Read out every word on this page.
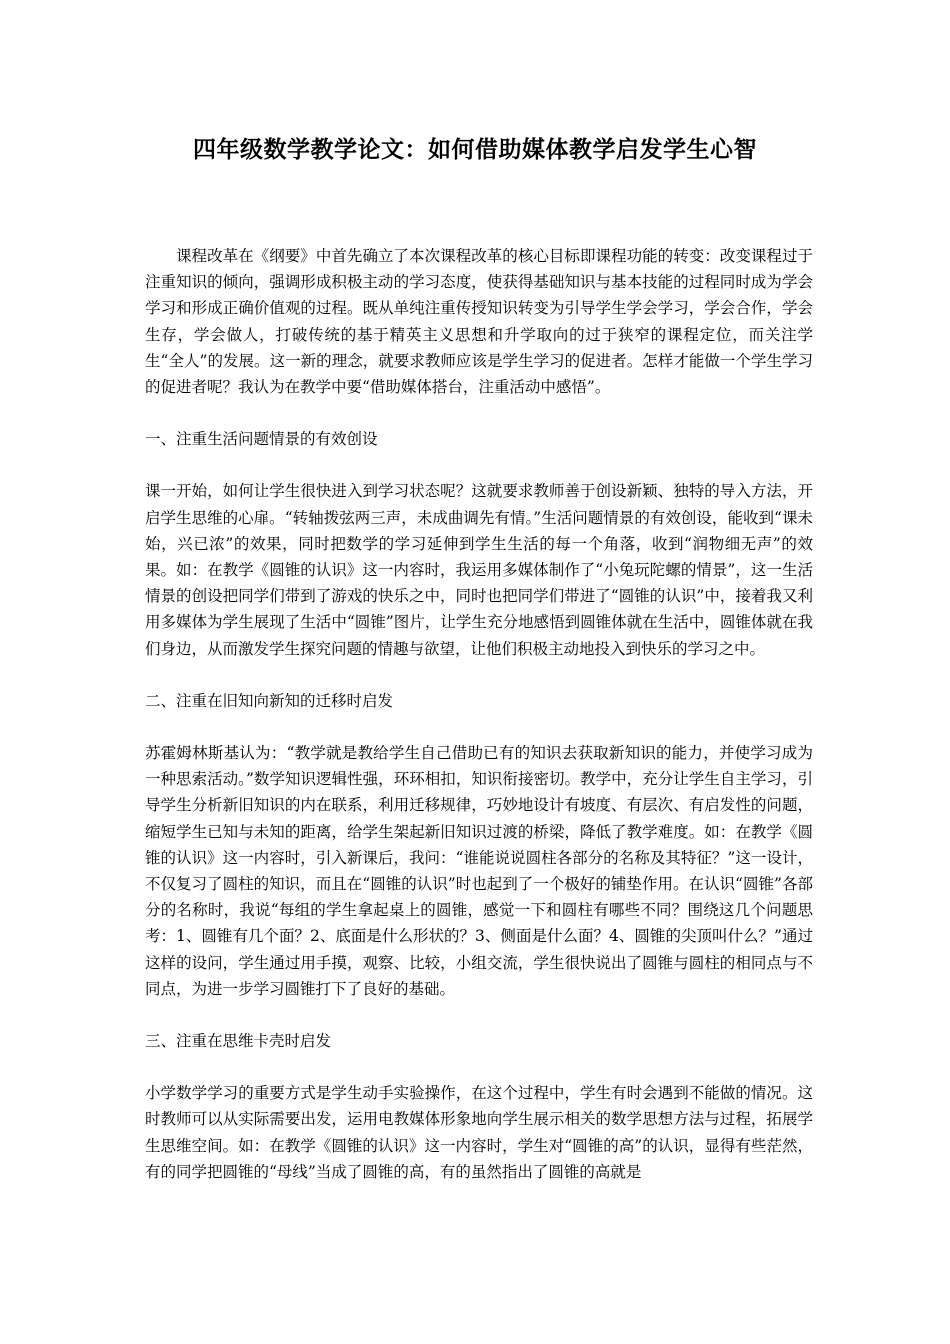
四年级数学教学论文：如何借助媒体教学启发学生心智

课程改革在《纲要》中首先确立了本次课程改革的核心目标即课程功能的转变：改变课程过于注重知识的倾向，强调形成积极主动的学习态度，使获得基础知识与基本技能的过程同时成为学会学习和形成正确价值观的过程。既从单纯注重传授知识转变为引导学生学会学习，学会合作，学会生存，学会做人，打破传统的基于精英主义思想和升学取向的过于狭窄的课程定位，而关注学生“全人”的发展。这一新的理念，就要求教师应该是学生学习的促进者。怎样才能做一个学生学习的促进者呢？我认为在教学中要“借助媒体搭台，注重活动中感悟”。

一、注重生活问题情景的有效创设

课一开始，如何让学生很快进入到学习状态呢？这就要求教师善于创设新颖、独特的导入方法，开启学生思维的心扉。“转轴拨弦两三声，未成曲调先有情。”生活问题情景的有效创设，能收到“课未始，兴已浓”的效果，同时把数学的学习延伸到学生生活的每一个角落，收到“润物细无声”的效果。如：在教学《圆锥的认识》这一内容时，我运用多媒体制作了“小兔玩陀螺的情景”，这一生活情景的创设把同学们带到了游戏的快乐之中，同时也把同学们带进了“圆锥的认识”中，接着我又利用多媒体为学生展现了生活中“圆锥”图片，让学生充分地感悟到圆锥体就在生活中，圆锥体就在我们身边，从而激发学生探究问题的情趣与欲望，让他们积极主动地投入到快乐的学习之中。

二、注重在旧知向新知的迁移时启发

苏霍姆林斯基认为：“教学就是教给学生自己借助已有的知识去获取新知识的能力，并使学习成为一种思索活动。”数学知识逻辑性强，环环相扣，知识衔接密切。教学中，充分让学生自主学习，引导学生分析新旧知识的内在联系，利用迁移规律，巧妙地设计有坡度、有层次、有启发性的问题，缩短学生已知与未知的距离，给学生架起新旧知识过渡的桥梁，降低了教学难度。如：在教学《圆锥的认识》这一内容时，引入新课后，我问：“谁能说说圆柱各部分的名称及其特征？”这一设计，不仅复习了圆柱的知识，而且在“圆锥的认识”时也起到了一个极好的铺垫作用。在认识“圆锥”各部分的名称时，我说“每组的学生拿起桌上的圆锥，感觉一下和圆柱有哪些不同？围绕这几个问题思考：1、圆锥有几个面？2、底面是什么形状的？3、侧面是什么面？4、圆锥的尖顶叫什么？”通过这样的设问，学生通过用手摸，观察、比较，小组交流，学生很快说出了圆锥与圆柱的相同点与不同点，为进一步学习圆锥打下了良好的基础。

三、注重在思维卡壳时启发

小学数学学习的重要方式是学生动手实验操作，在这个过程中，学生有时会遇到不能做的情况。这时教师可以从实际需要出发，运用电教媒体形象地向学生展示相关的数学思想方法与过程，拓展学生思维空间。如：在教学《圆锥的认识》这一内容时，学生对“圆锥的高”的认识，显得有些茫然，有的同学把圆锥的“母线”当成了圆锥的高，有的虽然指出了圆锥的高就是
